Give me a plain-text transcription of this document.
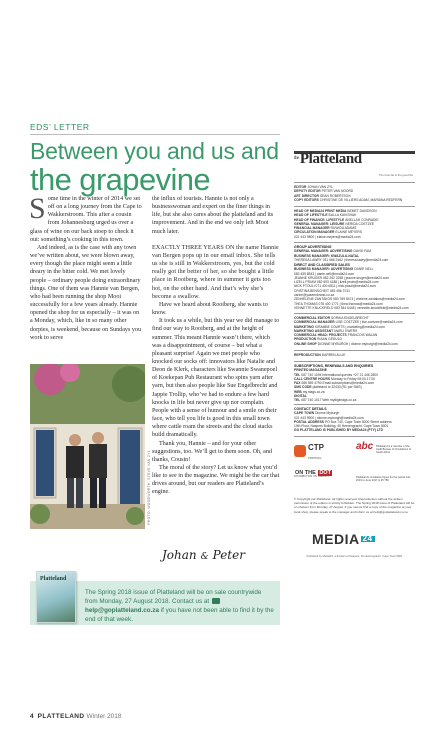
EDS’ LETTER
Between you and us and
the grapevine

Some time in the winter of 2014 we set off on a long journey from the Cape to Wakkerstroom. This after a cousin from Johannesburg urged us over a glass of wine on our back stoep to check it out: something’s cooking in this town.

And indeed, as is the case with any town we’ve written about, we were blown away, every though the place might seem a little dreary in the bitter cold. We met lovely people – ordinary people doing extraordinary things. One of them was Hannie van Bergen, who had been running the shop Mooi successfully for a few years already. Hannie opened the shop for us especially – it was on a Monday, which, like in so many other dorpies, is weekend, because on Sundays you work to serve

PHOTO: WOODWORTH, STEVE VAN ZYL

the influx of tourists. Hannie is not only a businesswoman and expert on the finer things in life, but she also cares about the platteland and its improvement. And in the end we only left Mooi much later.

EXACTLY THREE YEARS ON the name Hannie van Bergen pops up in our email inbox. She tells us she is still in Wakkerstroom, yes, but the cold really got the better of her, so she bought a little place in Rooiberg, where in summer it gets too hot, on the other hand. And that’s why she’s become a swallow.

Have we heard about Rooiberg, she wants to know.

It took us a while, but this year we did manage to find our way to Rooiberg, and at the height of summer. This meant Hannie wasn’t there, which was a disappointment, of course – but what a pleasant surprise! Again we met people who knocked our socks off: innovators like Natalie and Deon de Klerk, characters like Swannie Swanepoel of Koekepan Pub Restaurant who spins yarn after yarn, but then also people like Sue Engelbrecht and Jappie Trollip, who’ve had to endure a few hard knocks in life but never give up nor complain. People with a sense of humour and a smile on their face, who tell you life is good in this small town where cattle roam the streets and the cloud stacks build dramatically.

Thank you, Hannie – and for your other suggestions, too. We’ll get to them soon. Oh, and thanks, Cousin!

The moral of the story? Let us know what you’d like to see in the magazine. We might be the car that drives around, but our readers are Platteland’s engine.

Johan & Peter
Platteland
The Spring 2018 issue of Platteland will be on sale countrywide from Monday, 27 August 2018. Contact us at  help@goplatteland.co.za if you have not been able to find it by the end of that week.
4 PLATTELAND Winter 2018
$^{the}$Platteland
The time life is the good life
EDITORJOHAN VAN ZYL
DEPUTY EDITORPETER VAN NOORD
ART DIRECTORSEAN ROBERTSON
COPY EDITORSCHRISTINE DE VILLIERS ADAM, MARIANA REDFERN
HEAD OF MEDIA24 PRINT MEDIABEMET DAVIDSON
HEAD OF LIFESTYLEBULLA KUIKSHAK
HEAD OF FINANCE: LIFESTYLEANELLAH CONRADIE
GENERAL MANAGER: LEISURENERIDA COETZEE
FINANCIAL MANAGERRUWIDA ADAMS
CIRCULATION MANAGERELAINE MEYERS
021 443 9800 | elaine.meyers@media24.com
GROUP ADVERTISING
GENERAL MANAGER: ADVERTISINGDAVID FAM
BUSINESS MANAGER: KWAZULU-NATAL
THERESA LAWRY 031 566 2462 | theresa.lawry@media24.com
DIRECT AND CLASSIFIED SALES
BUSINESS MANAGER: ADVERTISINGDANIE NELL
083 459 8543 | danie.nell@media24.com
JEANNE KRUGER 082 262 2258 | jeanne.kruger@media24.com
LIZELL PRUIM 082 693 4188 | lizell.pruim@media24.com
NICK PTOULI 071 400 6511 | nick.ptouli@media24.com
CRISTINA BENSCHEIT 083 456 3741
carine@yaseenbrand.co.za
ZENHELENE ZANTAKOS 083 789 8474 | zhelene.zantakos@media24.com
THEA THOMAS 078 400 1771 | thea.thomas@media24.com
VENNETTE KNUCKFIELD 083 544 6448 | vennette.knuckfield@media24.com
COMMERCIAL EDITORSORIKA ENGELBRECHT
COMMERCIAL MANAGERLISE COETZEE | lise.coetzee@media24.com
MARKETINGKIRAMBE COURTS | marketing@media24.com
MARKETING ASSISTANTMARLI EWERS
COMMERCIAL HEAD: PROJECTSFRANCOIS WALAN
PRODUCTIONRIAAN GEDULD
ONLINE SHOPDIONNE MYBURGH | dionne.myburgh@media24.com
REPRODUCTIONDARREN ALLIE
SUBSCRIPTIONS, RENEWALS AND ENQUIRIES
PRINTED MAGAZINE
TEL087 740 1094 International queries +27 21 446 2800
CALL CENTRE HOURSMonday to Friday 08:00-17:00
FAX086 559 4790 Email subscriptions@media24.com
SMS CODEplatteland to 32433 (R1 per SMS)
WEBmy.mags.co.za
DIGITAL
TEL087 740 1017 Web mydigimags.co.za
CONTACT DETAILS
CAPE TOWNDionne Myburgh
021 443 9900 | dionne.myburgh@media24.com
POSTAL ADDRESSPO Box 740, Cape Town 8000 Street address
10th Floor, Naspers Building, 40 Heerengracht, Cape Town 8001
GO PLATTELAND IS PUBLISHED BY MEDIA24 (PTY) LTD
CTP
PRINTING
abc Platteland is a member of the Audit Bureau of Circulations of South Africa
ON THE DOT
DISTRIBUTION ON THE DOT	Platteland’s circulation figure for the period July 2016 to June 2017 is 45 789
© Copyright par Platteland. All rights reserved. Reproduction without the written permission of the editors is strictly forbidden. The Spring 2018 issue of Platteland will be on shelves from Monday, 27 August. If you cannot find a copy of the magazine at your local shop, please speak to the manager and inform us at help@goplatteland.co.za
MEDIA 24
Published by Media24, a division of Naspers, 40 Heerengracht, Cape Town 8001
